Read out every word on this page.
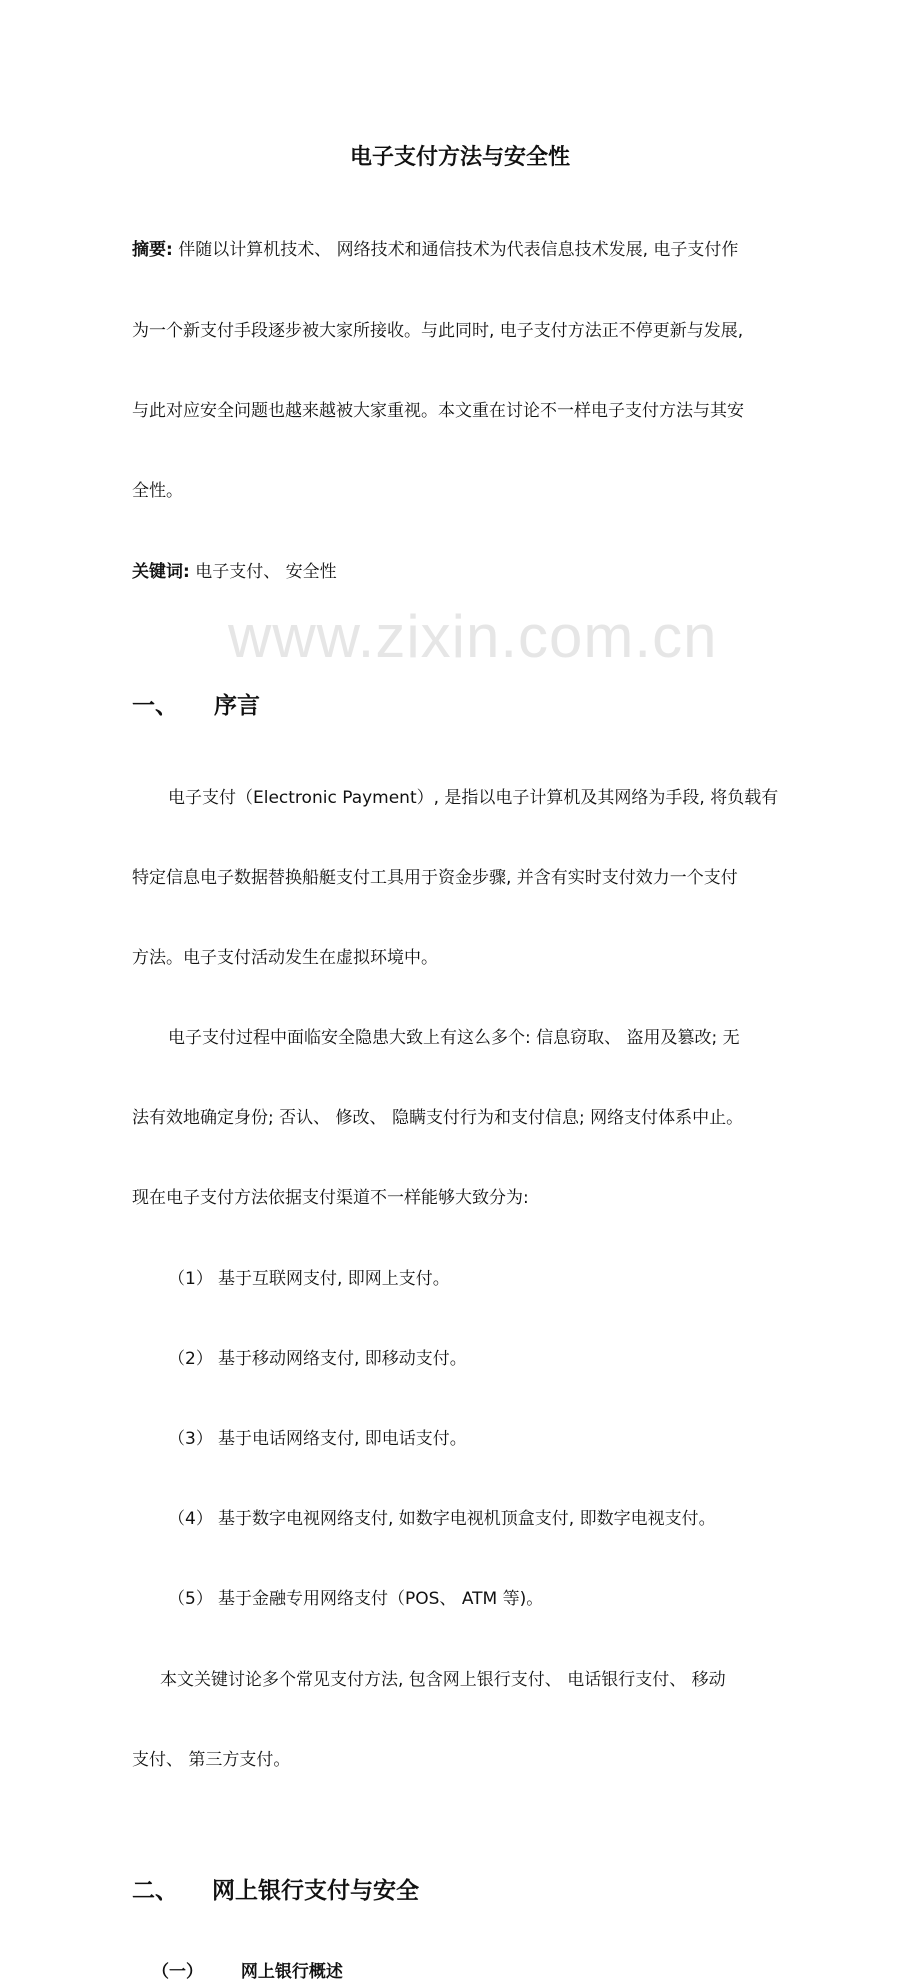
www.zixin.com.cn
电子支付方法与安全性
摘要: 伴随以计算机技术、 网络技术和通信技术为代表信息技术发展, 电子支付作
为一个新支付手段逐步被大家所接收。与此同时, 电子支付方法正不停更新与发展,
与此对应安全问题也越来越被大家重视。本文重在讨论不一样电子支付方法与其安
全性。
关键词: 电子支付、 安全性
一、 序言
电子支付（Electronic Payment）, 是指以电子计算机及其网络为手段, 将负载有
特定信息电子数据替换船艇支付工具用于资金步骤, 并含有实时支付效力一个支付
方法。电子支付活动发生在虚拟环境中。
电子支付过程中面临安全隐患大致上有这么多个: 信息窃取、 盗用及篡改; 无
法有效地确定身份; 否认、 修改、 隐瞒支付行为和支付信息; 网络支付体系中止。
现在电子支付方法依据支付渠道不一样能够大致分为:
（1） 基于互联网支付, 即网上支付。
（2） 基于移动网络支付, 即移动支付。
（3） 基于电话网络支付, 即电话支付。
（4） 基于数字电视网络支付, 如数字电视机顶盒支付, 即数字电视支付。
（5） 基于金融专用网络支付（POS、 ATM 等)。
本文关键讨论多个常见支付方法, 包含网上银行支付、 电话银行支付、 移动
支付、 第三方支付。
二、 网上银行支付与安全
（一） 网上银行概述
